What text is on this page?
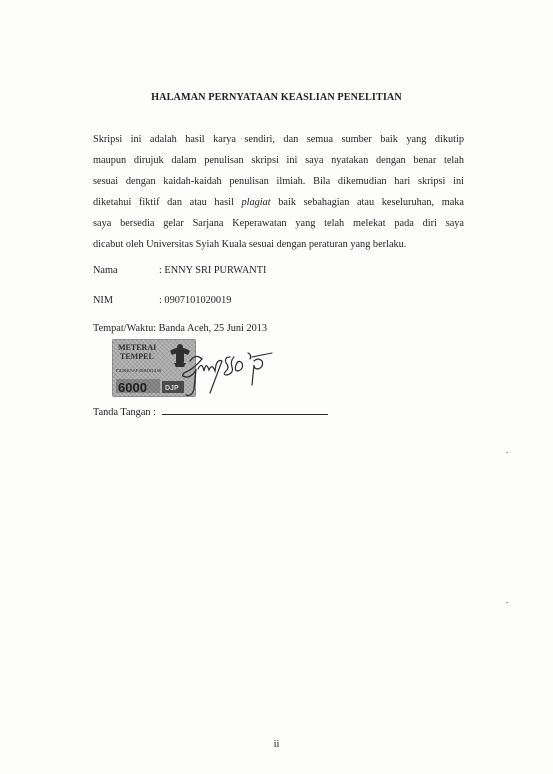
HALAMAN PERNYATAAN KEASLIAN PENELITIAN
Skripsi ini adalah hasil karya sendiri, dan semua sumber baik yang dikutip
maupun dirujuk dalam penulisan skripsi ini saya nyatakan dengan benar telah
sesuai dengan kaidah-kaidah penulisan ilmiah. Bila dikemudian hari skripsi ini
diketahui fiktif dan atau hasil plagiat baik sebahagian atau keseluruhan, maka
saya bersedia gelar Sarjana Keperawatan yang telah melekat pada diri saya
dicabut oleh Universitas Syiah Kuala sesuai dengan peraturan yang berlaku.
Nama	: ENNY SRI PURWANTI
NIM	: 0907101020019
Tempat/Waktu: Banda Aceh, 25 Juni 2013
METERAI
TEMPEL
F339EAAF459491346
6000	DJP
Tanda Tangan :
ii
